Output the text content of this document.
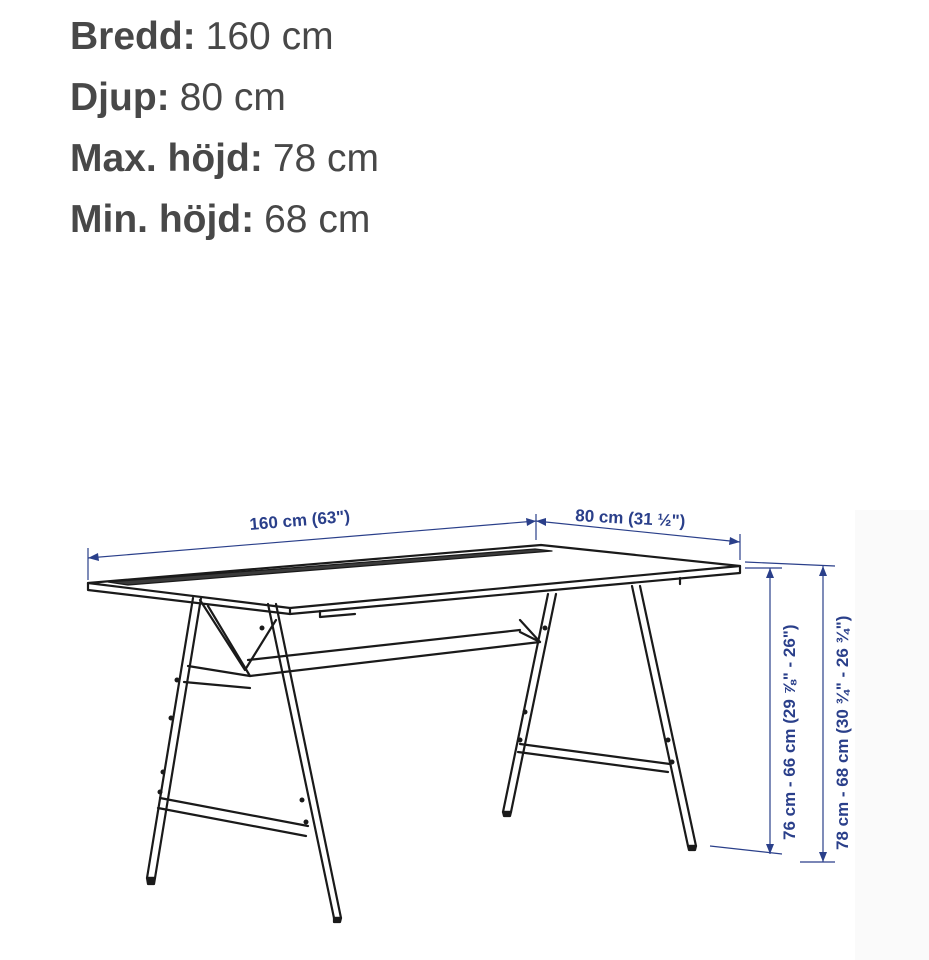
Bredd: 160 cm
Djup: 80 cm
Max. höjd: 78 cm
Min. höjd: 68 cm
160 cm (63")	80 cm (31 ½")
76 cm - 66 cm (29 ⅞" - 26") 78 cm - 68 cm (30 ¾" - 26 ¾")
